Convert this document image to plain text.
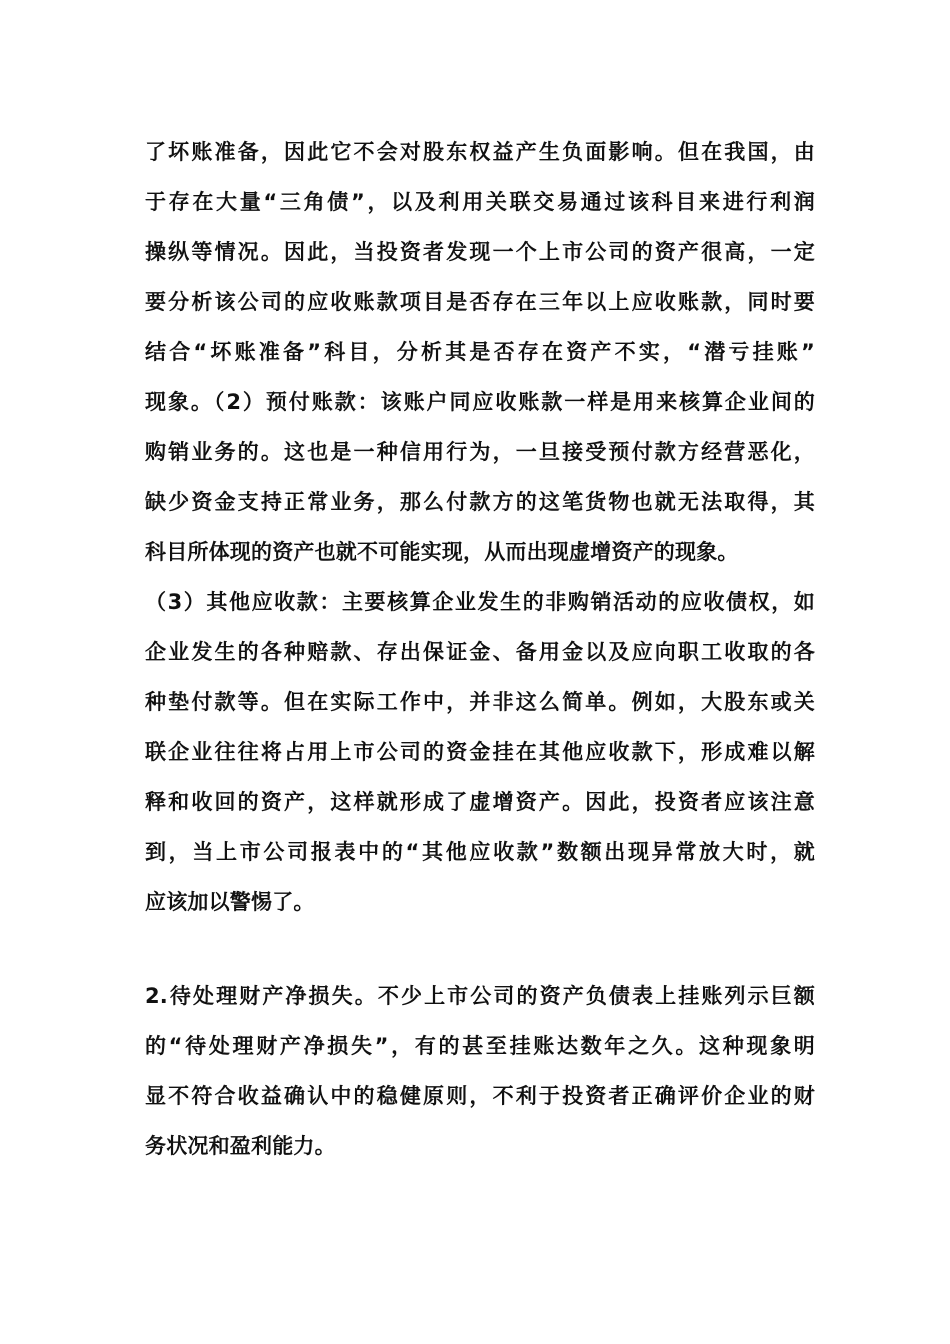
了坏账准备，因此它不会对股东权益产生负面影响。但在我国，由
于存在大量“三角债”，以及利用关联交易通过该科目来进行利润
操纵等情况。因此，当投资者发现一个上市公司的资产很高，一定
要分析该公司的应收账款项目是否存在三年以上应收账款，同时要
结合“坏账准备”科目，分析其是否存在资产不实，“潜亏挂账”
现象。（2）预付账款：该账户同应收账款一样是用来核算企业间的
购销业务的。这也是一种信用行为，一旦接受预付款方经营恶化，
缺少资金支持正常业务，那么付款方的这笔货物也就无法取得，其
科目所体现的资产也就不可能实现，从而出现虚增资产的现象。
（3）其他应收款：主要核算企业发生的非购销活动的应收债权，如
企业发生的各种赔款、存出保证金、备用金以及应向职工收取的各
种垫付款等。但在实际工作中，并非这么简单。例如，大股东或关
联企业往往将占用上市公司的资金挂在其他应收款下，形成难以解
释和收回的资产，这样就形成了虚增资产。因此，投资者应该注意
到，当上市公司报表中的“其他应收款”数额出现异常放大时，就
应该加以警惕了。
2.待处理财产净损失。不少上市公司的资产负债表上挂账列示巨额
的“待处理财产净损失”，有的甚至挂账达数年之久。这种现象明
显不符合收益确认中的稳健原则，不利于投资者正确评价企业的财
务状况和盈利能力。
